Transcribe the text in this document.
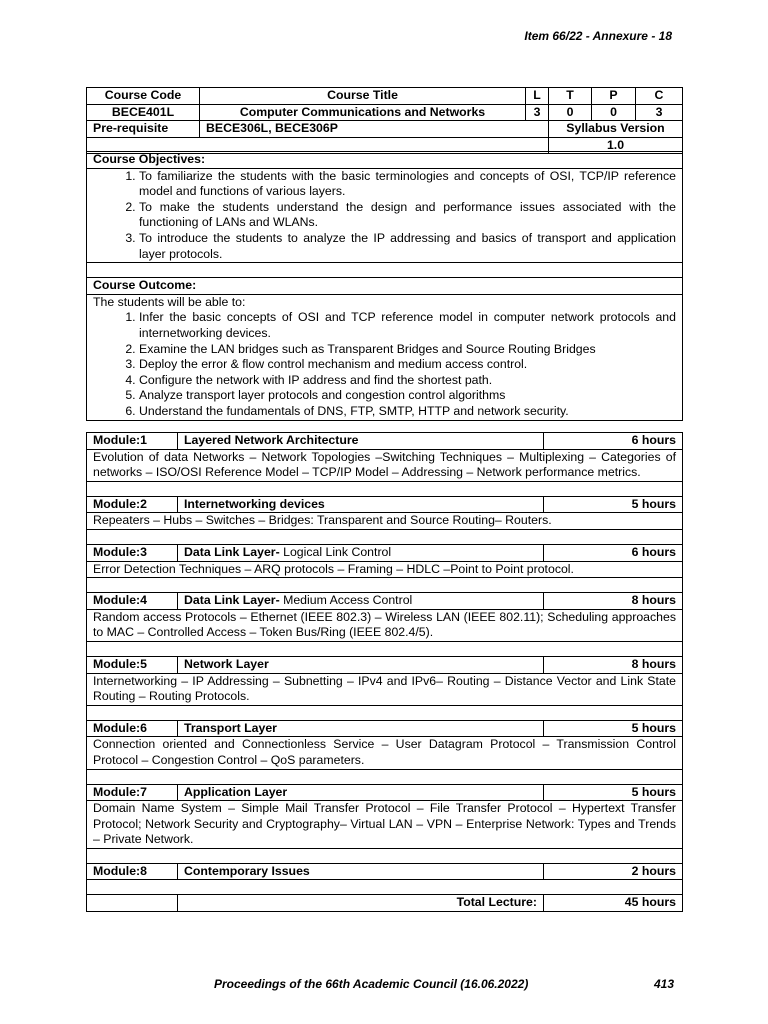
Item 66/22 - Annexure - 18
Course Code	Course Title	L	T	P	C
BECE401L	Computer Communications and Networks	3	0	0	3
Pre-requisite	BECE306L, BECE306P		Syllabus Version		
			1.0		
Course Objectives:

1. To familiarize the students with the basic terminologies and concepts of OSI, TCP/IP reference model and functions of various layers.
2. To make the students understand the design and performance issues associated with the functioning of LANs and WLANs.
3. To introduce the students to analyze the IP addressing and basics of transport and application layer protocols.

Course Outcome:

The students will be able to:
1. Infer the basic concepts of OSI and TCP reference model in computer network protocols and internetworking devices.
2. Examine the LAN bridges such as Transparent Bridges and Source Routing Bridges
3. Deploy the error & flow control mechanism and medium access control.
4. Configure the network with IP address and find the shortest path.
5. Analyze transport layer protocols and congestion control algorithms
6. Understand the fundamentals of DNS, FTP, SMTP, HTTP and network security.
Module:1	Layered Network Architecture	6 hours
Evolution of data Networks – Network Topologies –Switching Techniques – Multiplexing – Categories of networks – ISO/OSI Reference Model – TCP/IP Model – Addressing – Network performance metrics.		

Module:2	Internetworking devices	5 hours
Repeaters – Hubs – Switches – Bridges: Transparent and Source Routing– Routers.		

Module:3	Data Link Layer- Logical Link Control	6 hours
Error Detection Techniques – ARQ protocols – Framing – HDLC –Point to Point protocol.		

Module:4	Data Link Layer- Medium Access Control	8 hours
Random access Protocols – Ethernet (IEEE 802.3) – Wireless LAN (IEEE 802.11); Scheduling approaches to MAC – Controlled Access – Token Bus/Ring (IEEE 802.4/5).		

Module:5	Network Layer	8 hours
Internetworking – IP Addressing – Subnetting – IPv4 and IPv6– Routing – Distance Vector and Link State Routing – Routing Protocols.		

Module:6	Transport Layer	5 hours
Connection oriented and Connectionless Service – User Datagram Protocol – Transmission Control Protocol – Congestion Control – QoS parameters.		

Module:7	Application Layer	5 hours
Domain Name System – Simple Mail Transfer Protocol – File Transfer Protocol – Hypertext Transfer Protocol; Network Security and Cryptography– Virtual LAN – VPN – Enterprise Network: Types and Trends – Private Network.		

Module:8	Contemporary Issues	2 hours

	Total Lecture:	45 hours
Proceedings of the 66th Academic Council (16.06.2022)	413
